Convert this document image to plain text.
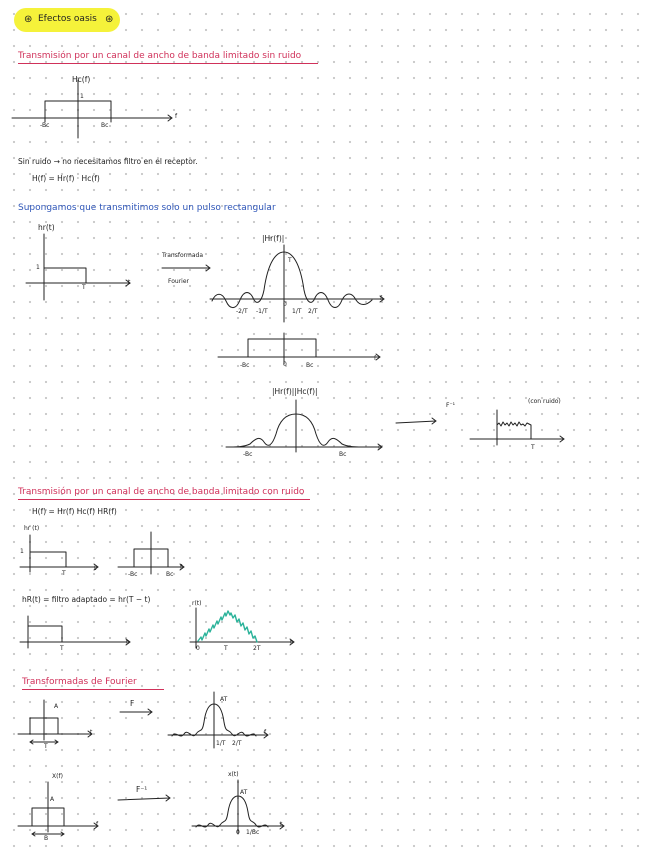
⊛ Efectos oasis ⊛
Transmisión por un canal de ancho de banda limitado sin ruido
Hc(f)
1
-Bc	Bc
f
Sin ruido → no necesitamos filtro en el receptor.
H(f) = Hr(f) · Hc(f)
Supongamos que transmitimos solo un pulso rectangular
hr(t)
1
T
t
Transformada
Fourier
|Hr(f)|
T
-2/T -1/T
0
1/T 2/T
f
-Bc	0	Bc
f
|Hr(f)||Hc(f)|
-Bc	Bc
f
F⁻¹
(con ruido)
T
Transmisión por un canal de ancho de banda limitado con ruido
H(f) = Hr(f) Hc(f) HR(f)
hr (t)
1
T
t
-Bc	Bc
f
hR(t) = filtro adaptado = hr(T − t)
T
t
r(t)
0	T	2T
t
Transformadas de Fourier
A
T
t
F	AT
1/T 2/T
f
X(f)
A
B
f
F⁻¹
x(t)
AT
0 1/Bc
t
